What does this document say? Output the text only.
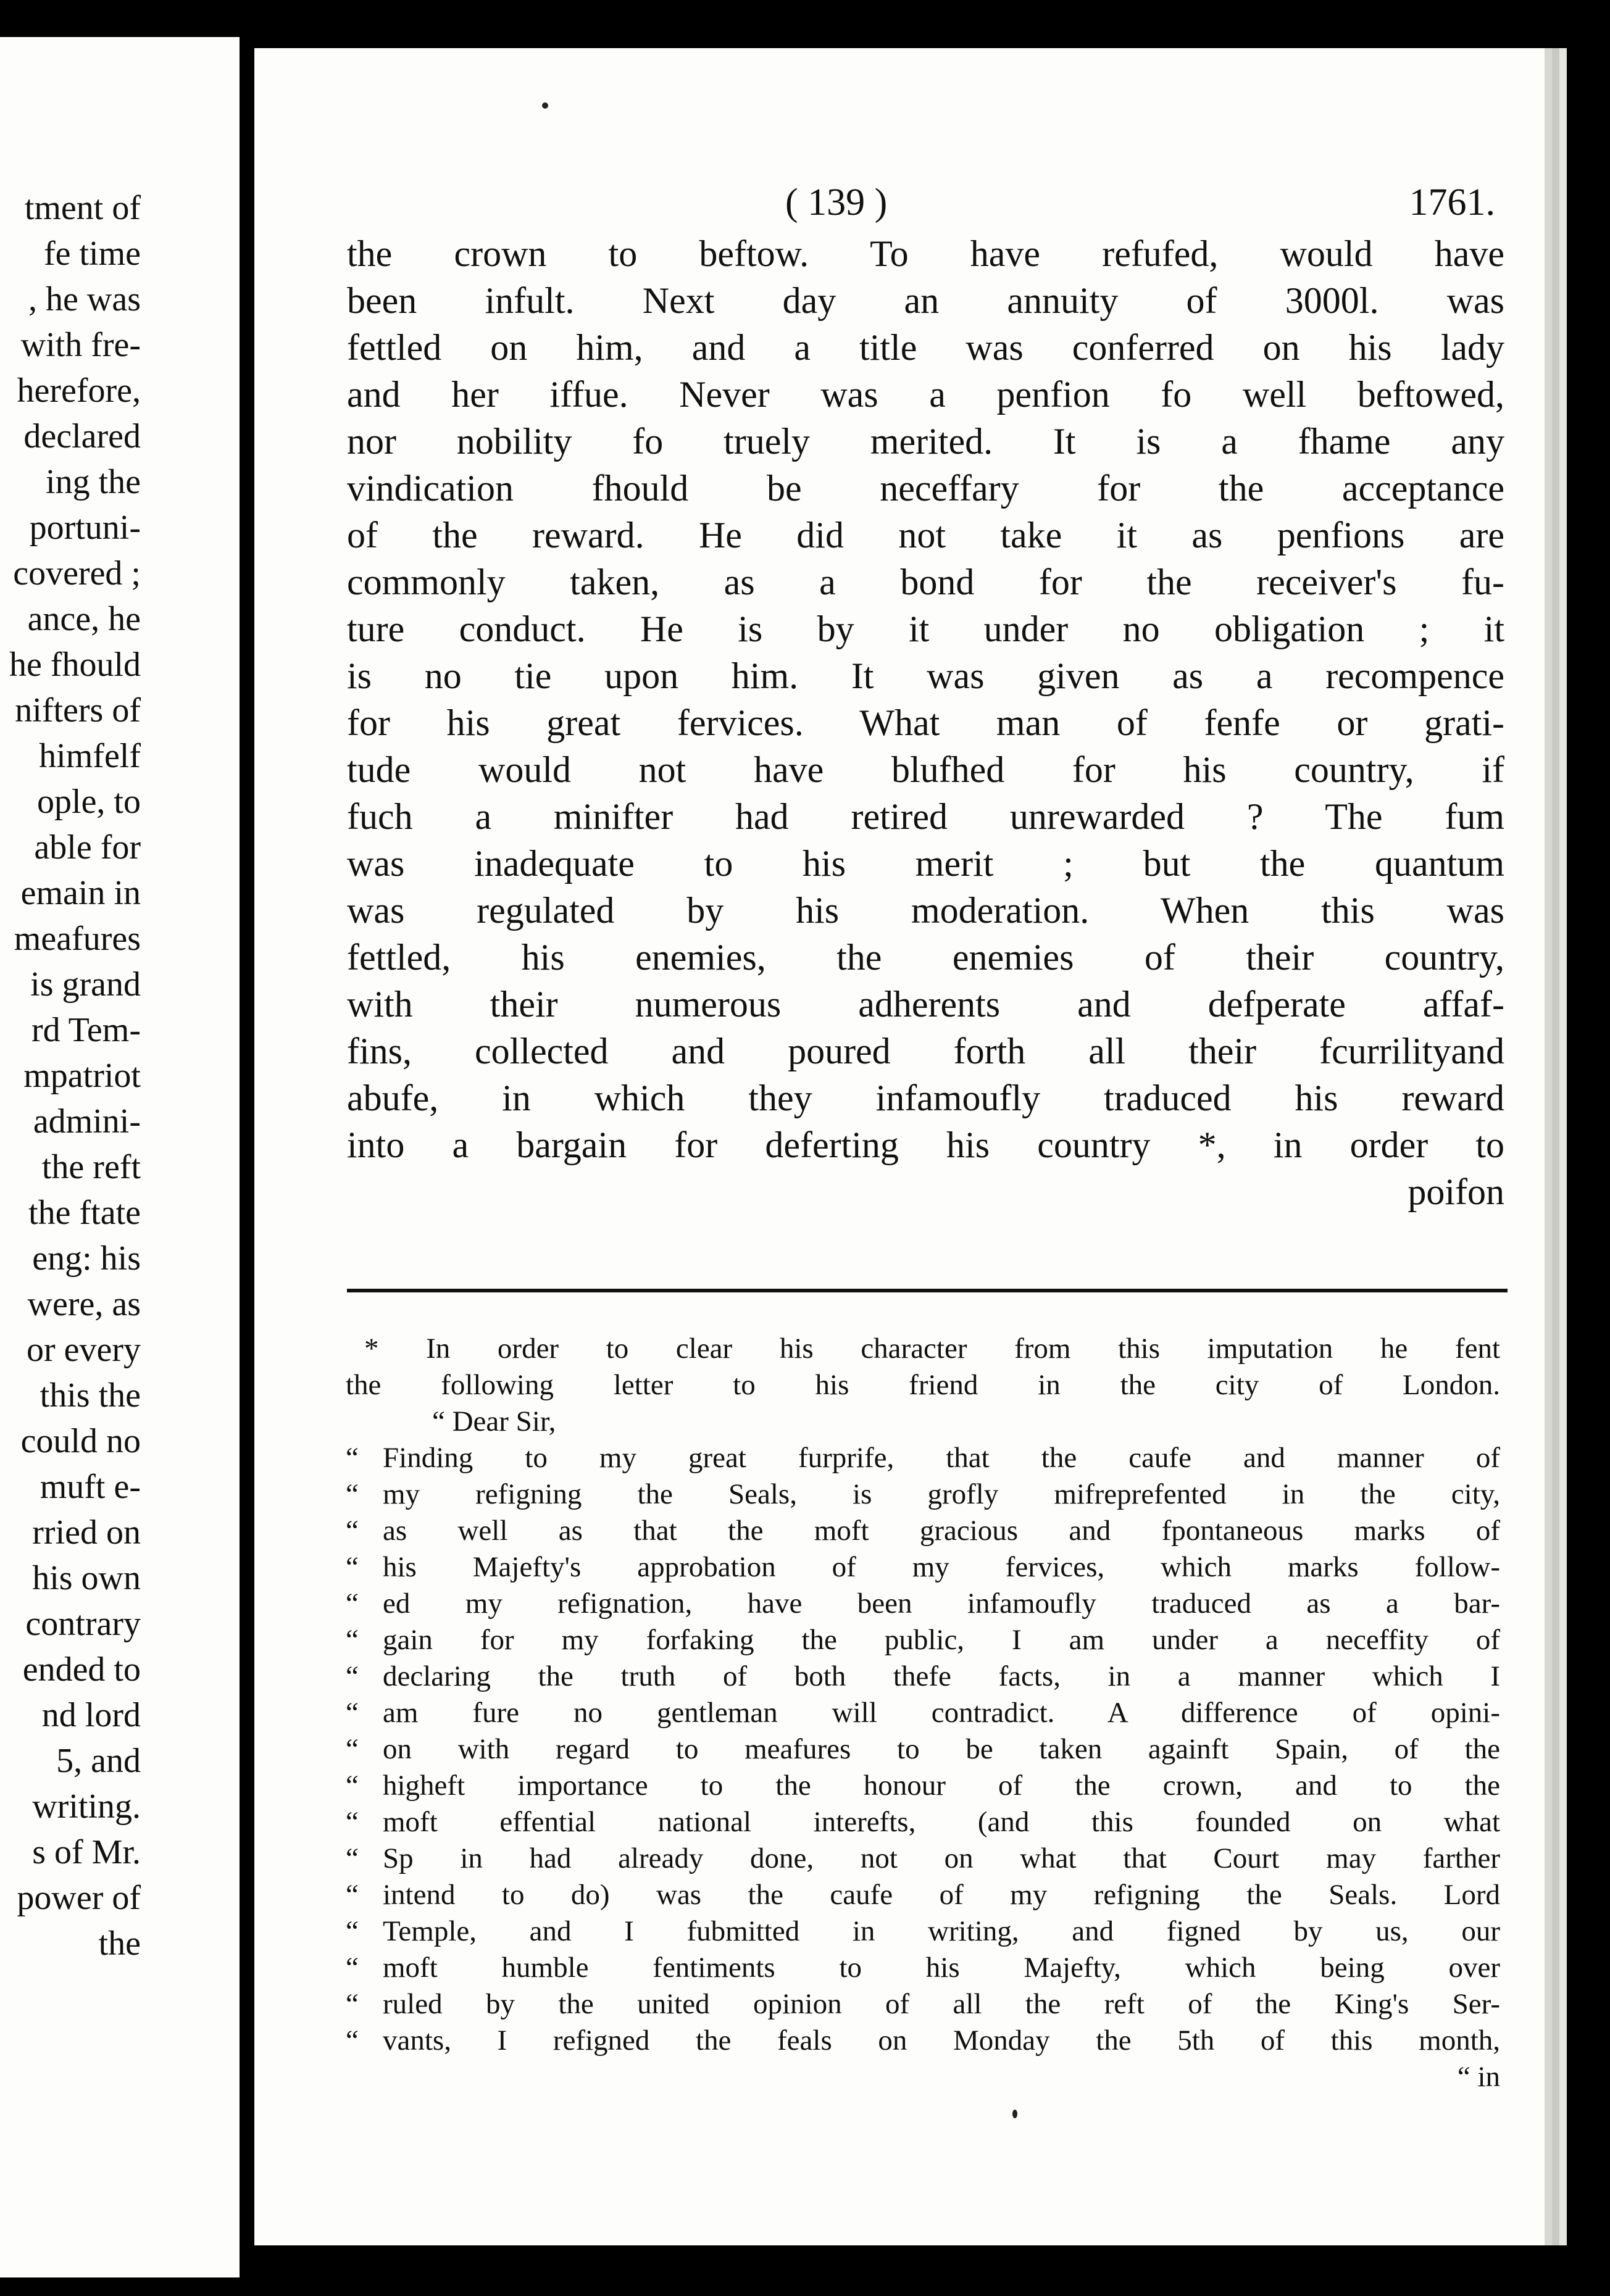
tment of
fe time
, he was
with fre-
herefore,
declared
ing the
portuni-
covered ;
ance, he
he fhould
nifters of
himfelf
ople, to
able for
emain in
meafures
is grand
rd Tem-
mpatriot
admini-
the reft
the ftate
eng: his
were, as
or every
this the
could no
muft e-
rried on
his own
contrary
ended to
nd lord
5, and
writing.
s of Mr.
power of
the
( 139 )	1761.
the crown to beftow. To have refufed, would have
been infult. Next day an annuity of 3000l. was
fettled on him, and a title was conferred on his lady
and her iffue. Never was a penfion fo well beftowed,
nor nobility fo truely merited. It is a fhame any
vindication fhould be neceffary for the acceptance
of the reward. He did not take it as penfions are
commonly taken, as a bond for the receiver's fu-
ture conduct. He is by it under no obligation ; it
is no tie upon him. It was given as a recompence
for his great fervices. What man of fenfe or grati-
tude would not have blufhed for his country, if
fuch a minifter had retired unrewarded ? The fum
was inadequate to his merit ; but the quantum
was regulated by his moderation. When this was
fettled, his enemies, the enemies of their country,
with their numerous adherents and defperate affaf-
fins, collected and poured forth all their fcurrilityand
abufe, in which they infamoufly traduced his reward
into a bargain for deferting his country *, in order to
poifon
* In order to clear his character from this imputation he fent
the following letter to his friend in the city of London.
“ Dear Sir,
“ Finding to my great furprife, that the caufe and manner of
“ my refigning the Seals, is grofly mifreprefented in the city,
“ as well as that the moft gracious and fpontaneous marks of
“ his Majefty's approbation of my fervices, which marks follow-
“ ed my refignation, have been infamoufly traduced as a bar-
“ gain for my forfaking the public, I am under a neceffity of
“ declaring the truth of both thefe facts, in a manner which I
“ am fure no gentleman will contradict. A difference of opini-
“ on with regard to meafures to be taken againft Spain, of the
“ higheft importance to the honour of the crown, and to the
“ moft effential national interefts, (and this founded on what
“ Sp in had already done, not on what that Court may farther
“ intend to do) was the caufe of my refigning the Seals. Lord
“ Temple, and I fubmitted in writing, and figned by us, our
“ moft humble fentiments to his Majefty, which being over
“ ruled by the united opinion of all the reft of the King's Ser-
“ vants, I refigned the feals on Monday the 5th of this month,
“ in
